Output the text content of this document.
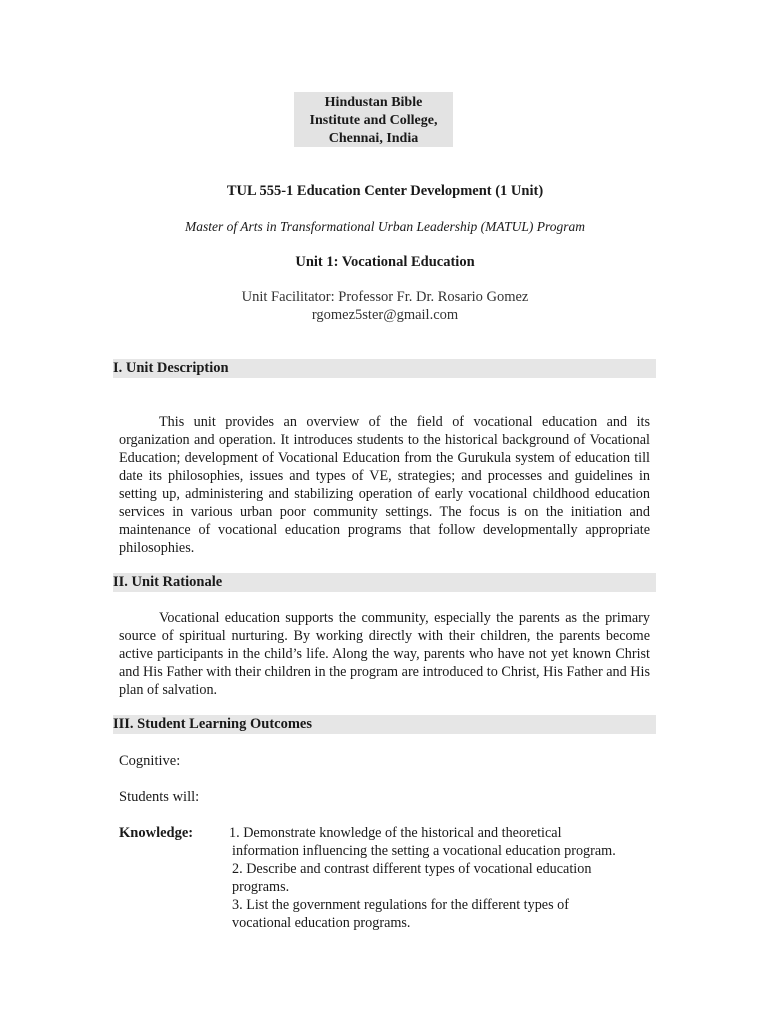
Hindustan Bible
Institute and College,
Chennai, India
TUL 555-1 Education Center Development (1 Unit)
Master of Arts in Transformational Urban Leadership (MATUL) Program
Unit 1: Vocational Education
Unit Facilitator: Professor Fr. Dr. Rosario Gomez
rgomez5ster@gmail.com
I. Unit Description
This unit provides an overview of the field of vocational education and its organization and operation. It introduces students to the historical background of Vocational Education; development of Vocational Education from the Gurukula system of education till date its philosophies, issues and types of VE, strategies; and processes and guidelines in setting up, administering and stabilizing operation of early vocational childhood education services in various urban poor community settings. The focus is on the initiation and maintenance of vocational education programs that follow developmentally appropriate philosophies.
II. Unit Rationale
Vocational education supports the community, especially the parents as the primary source of spiritual nurturing. By working directly with their children, the parents become active participants in the child’s life. Along the way, parents who have not yet known Christ and His Father with their children in the program are introduced to Christ, His Father and His plan of salvation.
III. Student Learning Outcomes
Cognitive:
Students will:
Knowledge:	1. Demonstrate knowledge of the historical and theoretical
information influencing the setting a vocational education program.
2. Describe and contrast different types of vocational education
programs.
3. List the government regulations for the different types of
vocational education programs.
